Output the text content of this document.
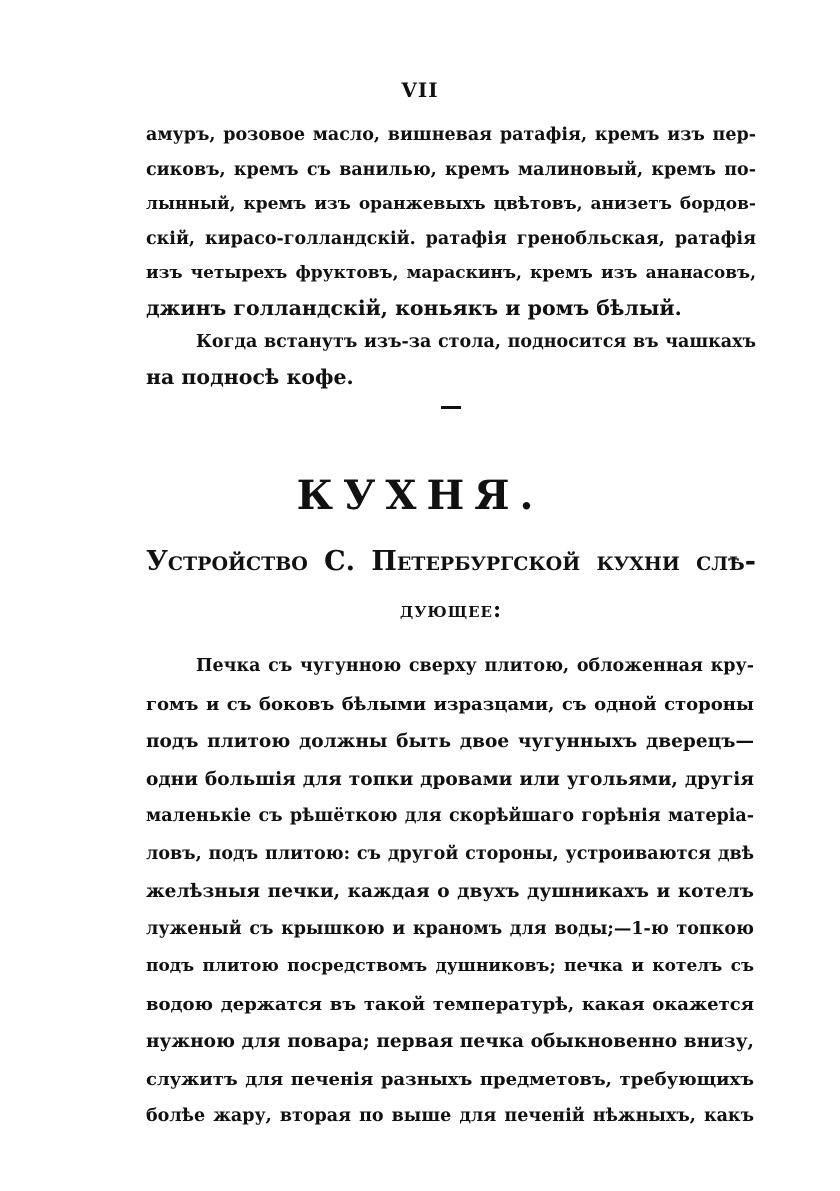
VII
амуръ, розовое масло, вишневая ратафія, кремъ изъ пер-
сиковъ, кремъ съ ванилью, кремъ малиновый, кремъ по-
лынный, кремъ изъ оранжевыхъ цвѣтовъ, анизетъ бордов-
скій, кирасо-голландскій. ратафія гренобльская, ратафія
изъ четырехъ фруктовъ, мараскинъ, кремъ изъ ананасовъ,
джинъ голландскій, коньякъ и ромъ бѣлый.
Когда встанутъ изъ-за стола, подносится въ чашкахъ
на подносѣ кофе.
КУХНЯ.
Устройство С. Петербургской кухни слѣ-
дующее:
Печка съ чугунною сверху плитою, обложенная кру-
гомъ и съ боковъ бѣлыми изразцами, съ одной стороны
подъ плитою должны быть двое чугунныхъ дверецъ—
одни большія для топки дровами или угольями, другія
маленькіе съ рѣшёткою для скорѣйшаго горѣнія матеріа-
ловъ, подъ плитою: съ другой стороны, устроиваются двѣ
желѣзныя печки, каждая о двухъ душникахъ и котелъ
луженый съ крышкою и краномъ для воды;—1-ю топкою
подъ плитою посредствомъ душниковъ; печка и котелъ съ
водою держатся въ такой температурѣ, какая окажется
нужною для повара; первая печка обыкновенно внизу,
служитъ для печенія разныхъ предметовъ, требующихъ
болѣе жару, вторая по выше для печеній нѣжныхъ, какъ
